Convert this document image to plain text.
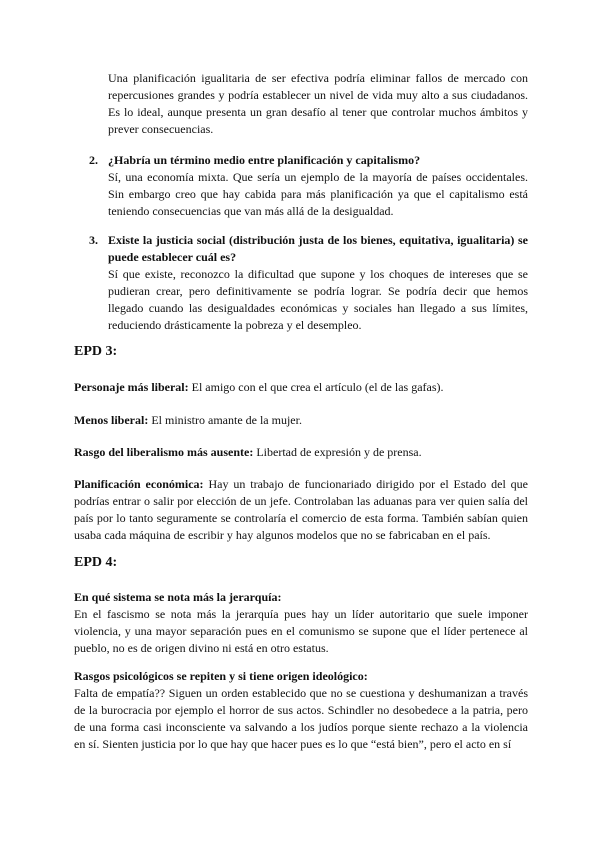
Una planificación igualitaria de ser efectiva podría eliminar fallos de mercado con repercusiones grandes y podría establecer un nivel de vida muy alto a sus ciudadanos. Es lo ideal, aunque presenta un gran desafío al tener que controlar muchos ámbitos y prever consecuencias.

2. ¿Habría un término medio entre planificación y capitalismo?

Sí, una economía mixta. Que sería un ejemplo de la mayoría de países occidentales. Sin embargo creo que hay cabida para más planificación ya que el capitalismo está teniendo consecuencias que van más allá de la desigualdad.

3. Existe la justicia social (distribución justa de los bienes, equitativa, igualitaria) se puede establecer cuál es?

Sí que existe, reconozco la dificultad que supone y los choques de intereses que se pudieran crear, pero definitivamente se podría lograr. Se podría decir que hemos llegado cuando las desigualdades económicas y sociales han llegado a sus límites, reduciendo drásticamente la pobreza y el desempleo.

EPD 3:

Personaje más liberal: El amigo con el que crea el artículo (el de las gafas).

Menos liberal: El ministro amante de la mujer.

Rasgo del liberalismo más ausente: Libertad de expresión y de prensa.

Planificación económica: Hay un trabajo de funcionariado dirigido por el Estado del que podrías entrar o salir por elección de un jefe. Controlaban las aduanas para ver quien salía del país por lo tanto seguramente se controlaría el comercio de esta forma. También sabían quien usaba cada máquina de escribir y hay algunos modelos que no se fabricaban en el país.

EPD 4:

En qué sistema se nota más la jerarquía:

En el fascismo se nota más la jerarquía pues hay un líder autoritario que suele imponer violencia, y una mayor separación pues en el comunismo se supone que el líder pertenece al pueblo, no es de origen divino ni está en otro estatus.

Rasgos psicológicos se repiten y si tiene origen ideológico:

Falta de empatía?? Siguen un orden establecido que no se cuestiona y deshumanizan a través de la burocracia por ejemplo el horror de sus actos. Schindler no desobedece a la patria, pero de una forma casi inconsciente va salvando a los judíos porque siente rechazo a la violencia en sí. Sienten justicia por lo que hay que hacer pues es lo que “está bien”, pero el acto en sí
